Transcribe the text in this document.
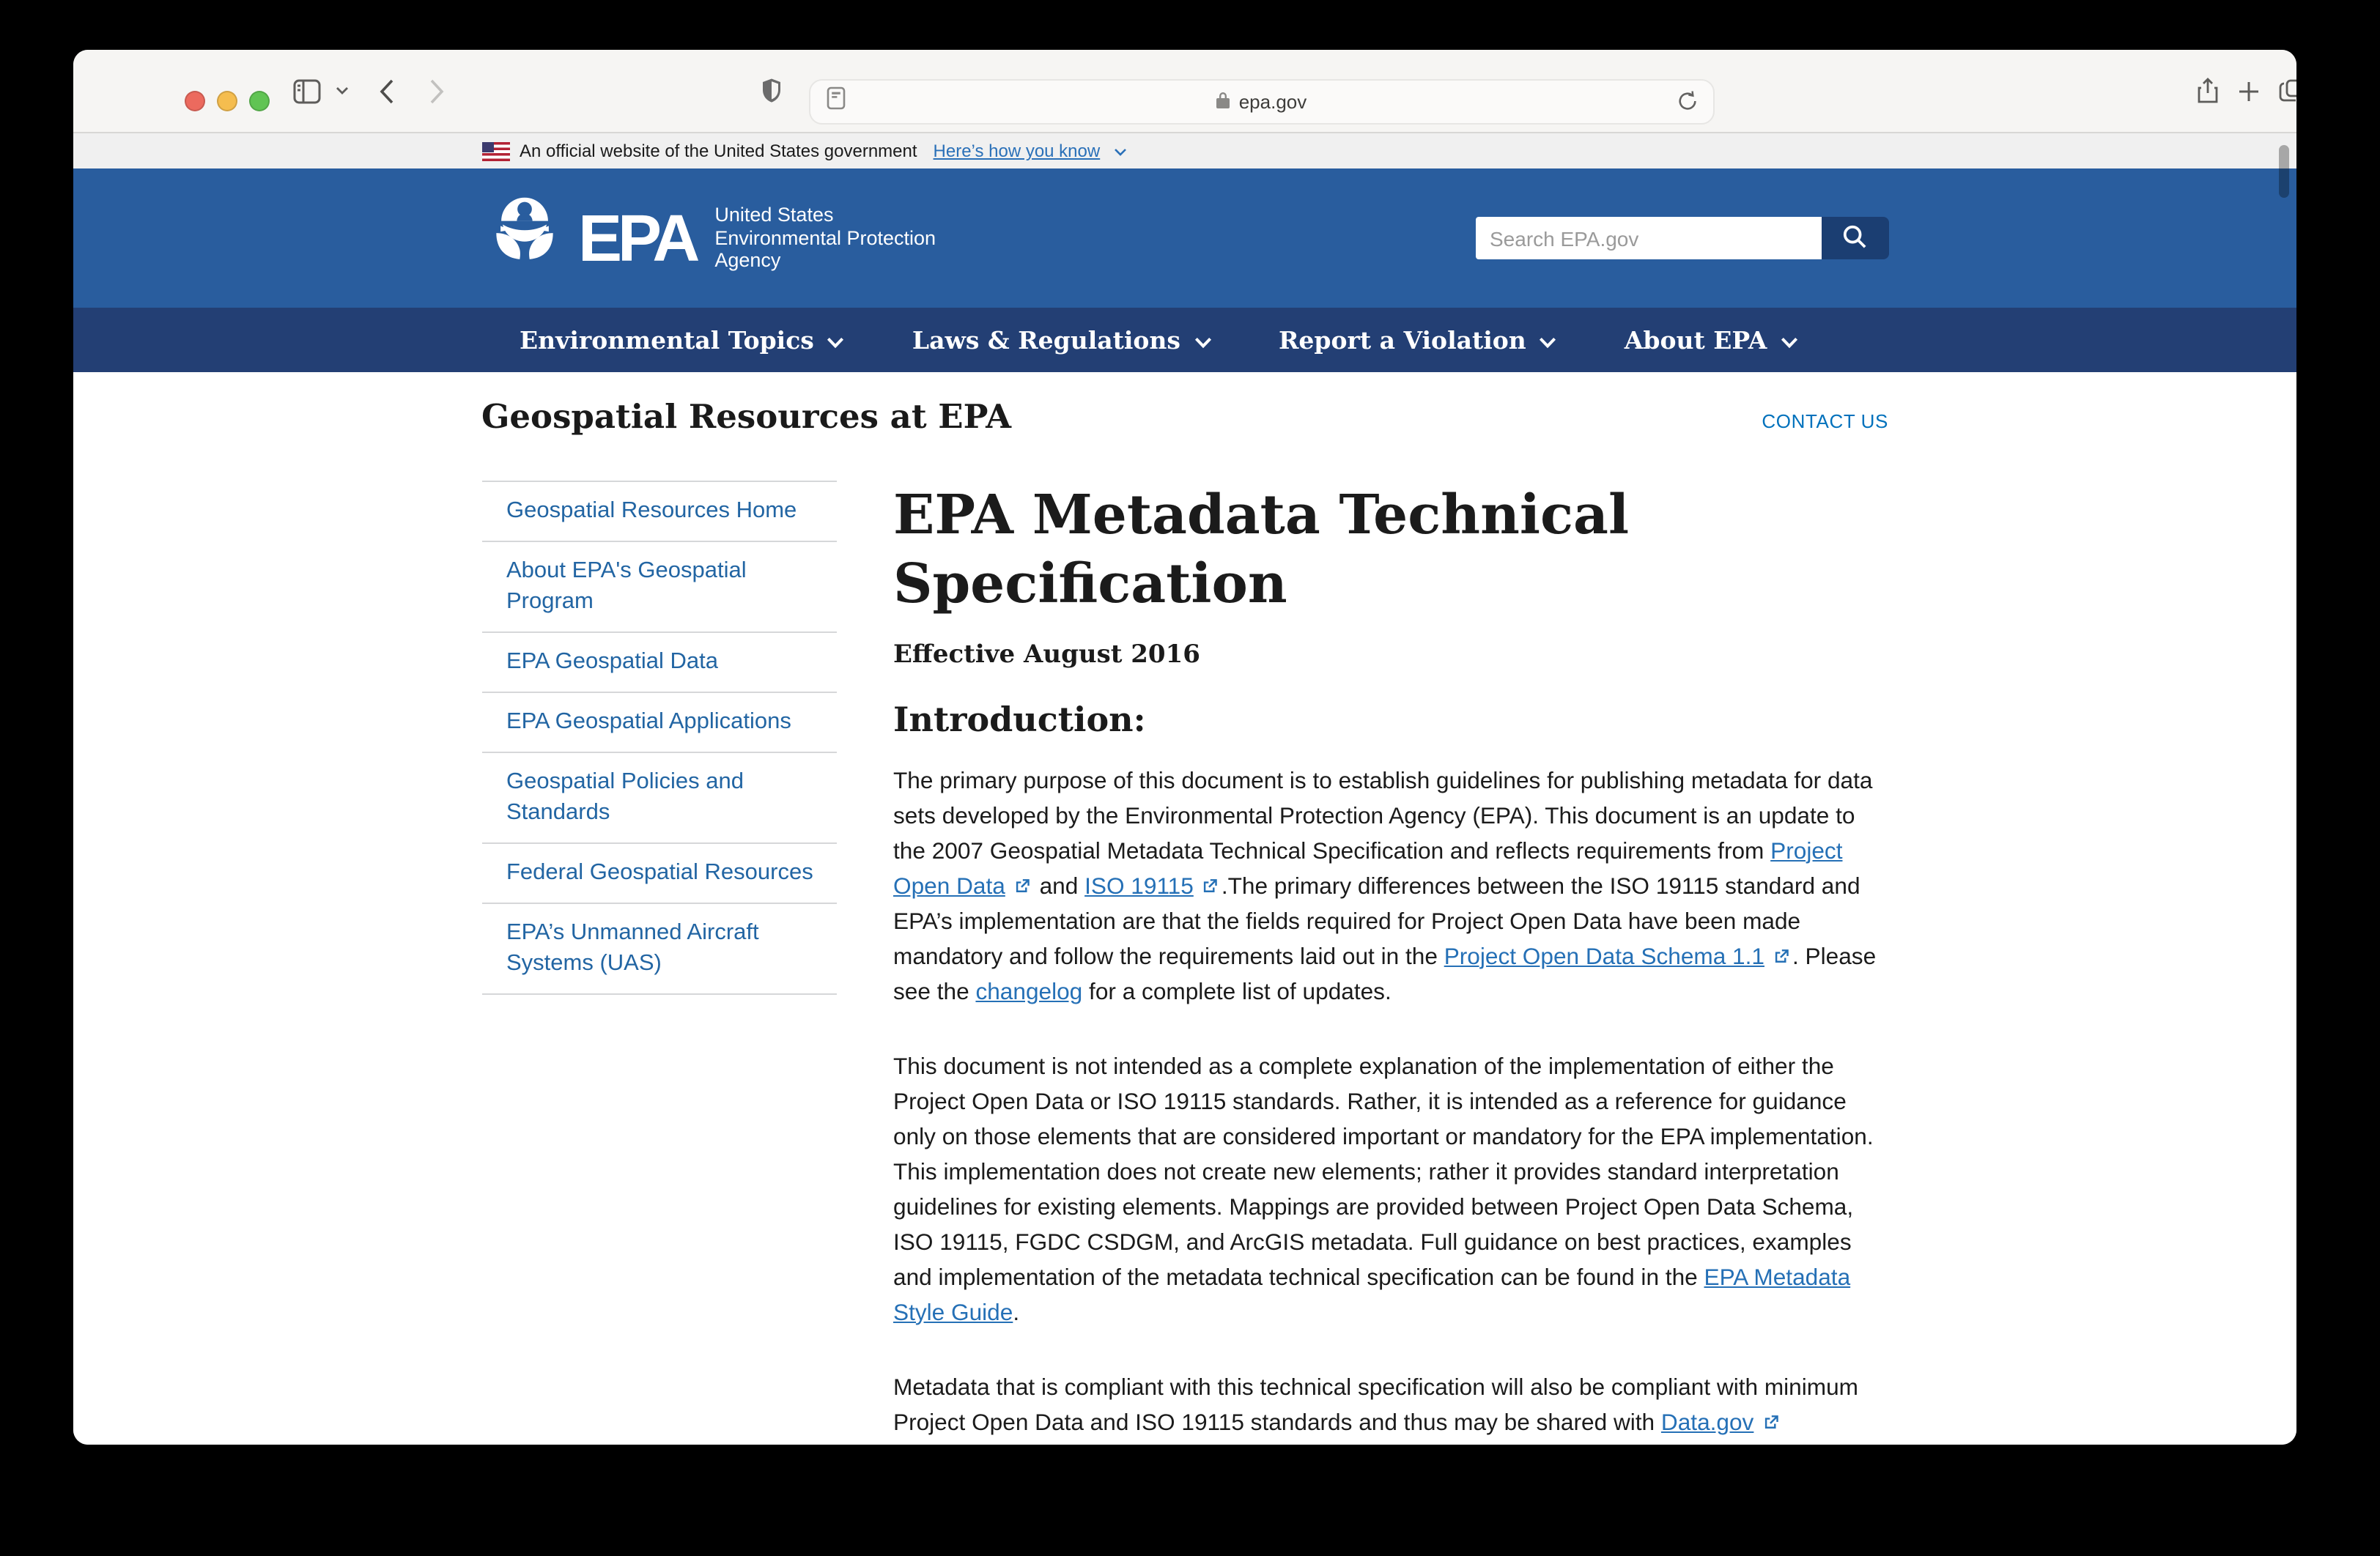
epa.gov
An official website of the United States government Here’s how you know
EPA United States
Environmental Protection
Agency
Search EPA.gov
Environmental Topics	Laws & Regulations	Report a Violation	About EPA
Geospatial Resources at EPA	CONTACT US
Geospatial Resources Home
About EPA's Geospatial Program
EPA Geospatial Data
EPA Geospatial Applications
Geospatial Policies and Standards
Federal Geospatial Resources
EPA’s Unmanned Aircraft Systems (UAS)
EPA Metadata Technical Specification
Effective August 2016
Introduction:

The primary purpose of this document is to establish guidelines for publishing metadata for data sets developed by the Environmental Protection Agency (EPA). This document is an update to the 2007 Geospatial Metadata Technical Specification and reflects requirements from Project Open Data
and ISO 19115 .The primary differences between the ISO 19115 standard and EPA’s implementation are that the fields required for Project Open Data have been made mandatory and follow the requirements laid out in the Project Open Data Schema 1.1 . Please see the changelog for a complete list of updates.

This document is not intended as a complete explanation of the implementation of either the Project Open Data or ISO 19115 standards. Rather, it is intended as a reference for guidance only on those elements that are considered important or mandatory for the EPA implementation. This implementation does not create new elements; rather it provides standard interpretation guidelines for existing elements. Mappings are provided between Project Open Data Schema, ISO 19115, FGDC CSDGM, and ArcGIS metadata. Full guidance on best practices, examples and implementation of the metadata technical specification can be found in the EPA Metadata Style Guide.

Metadata that is compliant with this technical specification will also be compliant with minimum Project Open Data and ISO 19115 standards and thus may be shared with Data.gov
